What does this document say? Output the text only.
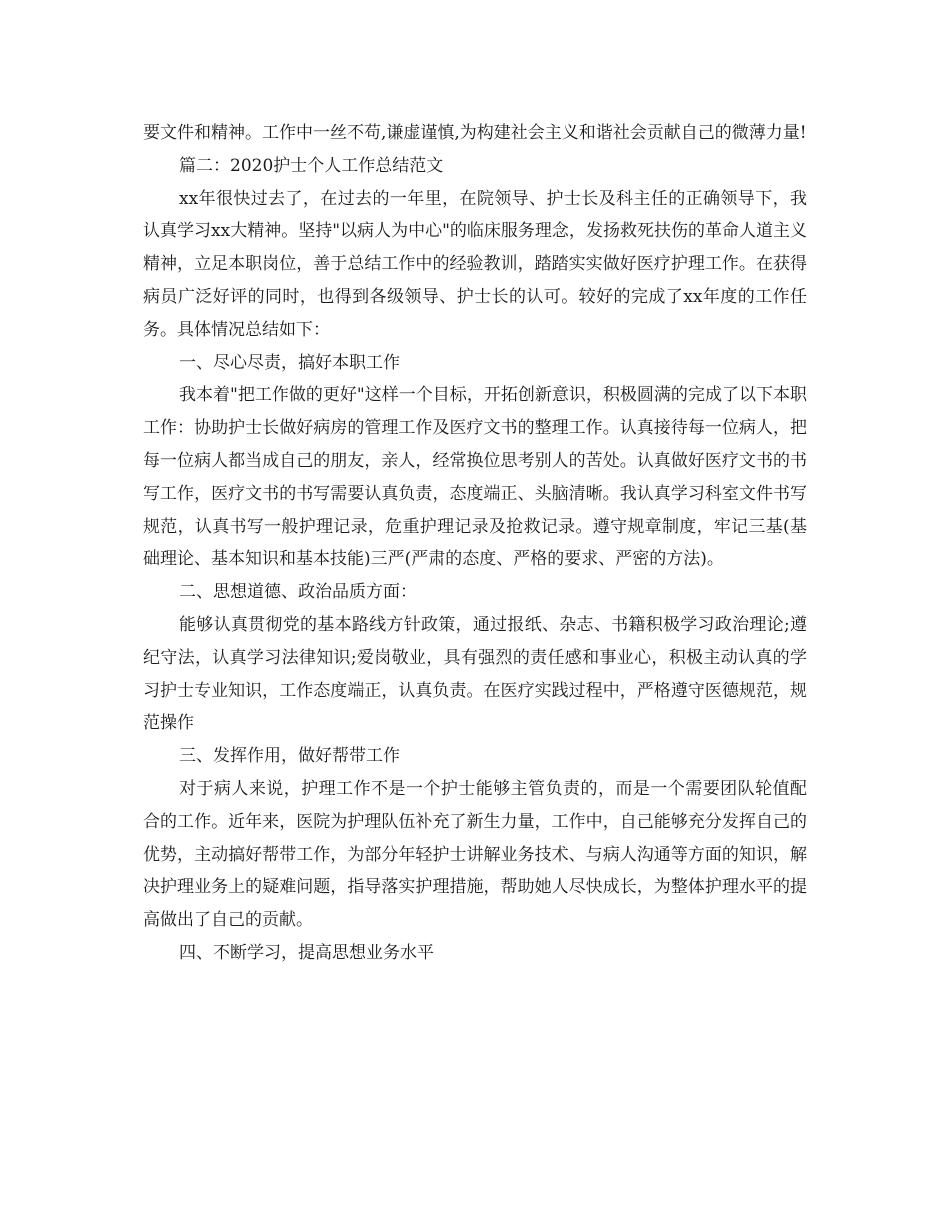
要文件和精神。工作中一丝不苟,谦虚谨慎,为构建社会主义和谐社会贡献自己的微薄力量!

篇二：2020护士个人工作总结范文

xx年很快过去了，在过去的一年里，在院领导、护士长及科主任的正确领导下，我认真学习xx大精神。坚持"以病人为中心"的临床服务理念，发扬救死扶伤的革命人道主义精神，立足本职岗位，善于总结工作中的经验教训，踏踏实实做好医疗护理工作。在获得病员广泛好评的同时，也得到各级领导、护士长的认可。较好的完成了xx年度的工作任务。具体情况总结如下：

一、尽心尽责，搞好本职工作

我本着"把工作做的更好"这样一个目标，开拓创新意识，积极圆满的完成了以下本职工作：协助护士长做好病房的管理工作及医疗文书的整理工作。认真接待每一位病人，把每一位病人都当成自己的朋友，亲人，经常换位思考别人的苦处。认真做好医疗文书的书写工作，医疗文书的书写需要认真负责，态度端正、头脑清晰。我认真学习科室文件书写规范，认真书写一般护理记录，危重护理记录及抢救记录。遵守规章制度，牢记三基(基础理论、基本知识和基本技能)三严(严肃的态度、严格的要求、严密的方法)。

二、思想道德、政治品质方面：

能够认真贯彻党的基本路线方针政策，通过报纸、杂志、书籍积极学习政治理论;遵纪守法，认真学习法律知识;爱岗敬业，具有强烈的责任感和事业心，积极主动认真的学习护士专业知识，工作态度端正，认真负责。在医疗实践过程中，严格遵守医德规范，规范操作

三、发挥作用，做好帮带工作

对于病人来说，护理工作不是一个护士能够主管负责的，而是一个需要团队轮值配合的工作。近年来，医院为护理队伍补充了新生力量，工作中，自己能够充分发挥自己的优势，主动搞好帮带工作，为部分年轻护士讲解业务技术、与病人沟通等方面的知识，解决护理业务上的疑难问题，指导落实护理措施，帮助她人尽快成长，为整体护理水平的提高做出了自己的贡献。

四、不断学习，提高思想业务水平
